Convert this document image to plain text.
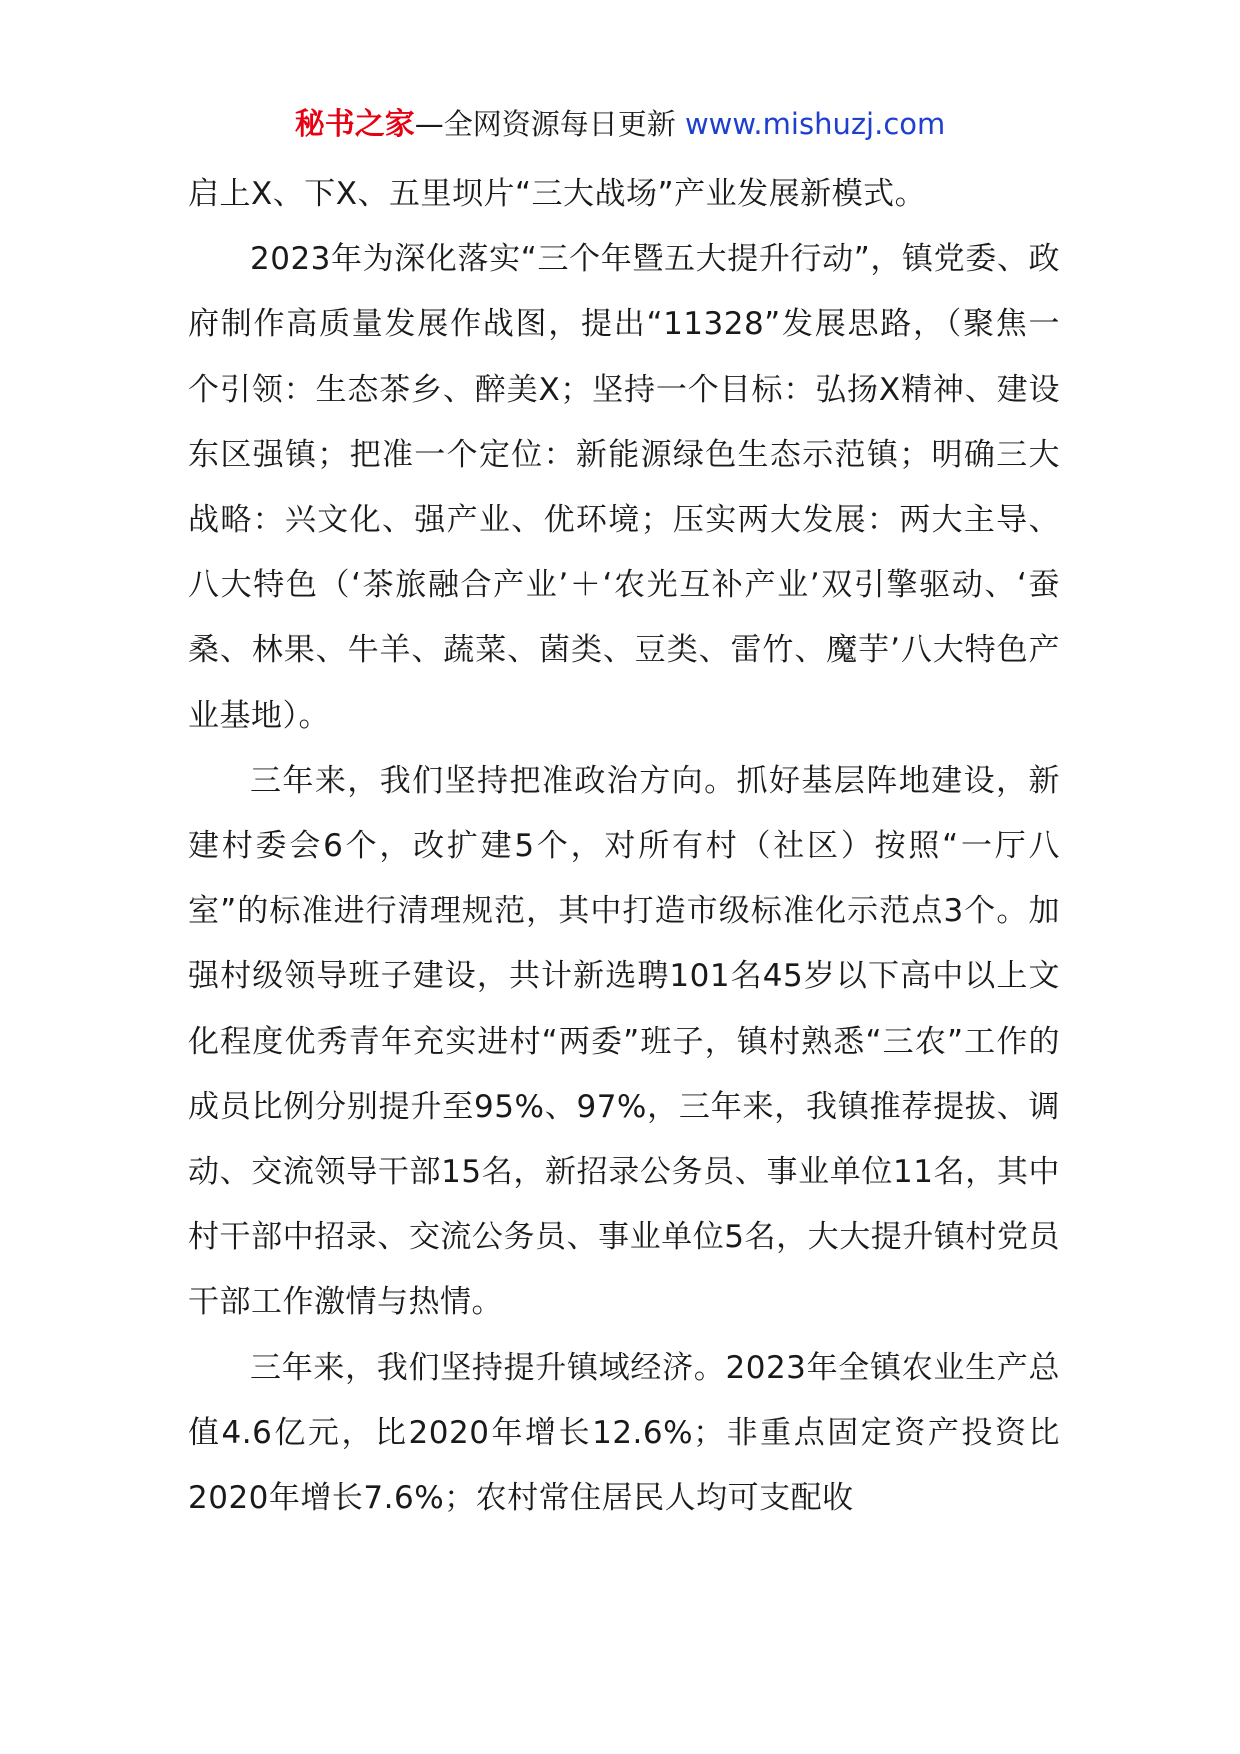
秘书之家—全网资源每日更新 www.mishuzj.com

启上X、下X、五里坝片“三大战场”产业发展新模式。

2023年为深化落实“三个年暨五大提升行动”，镇党委、政府制作高质量发展作战图，提出“11328”发展思路，（聚焦一个引领：生态茶乡、醉美X；坚持一个目标：弘扬X精神、建设东区强镇；把准一个定位：新能源绿色生态示范镇；明确三大战略：兴文化、强产业、优环境；压实两大发展：两大主导、八大特色（‘茶旅融合产业’＋‘农光互补产业’双引擎驱动、‘蚕桑、林果、牛羊、蔬菜、菌类、豆类、雷竹、魔芋’八大特色产业基地）。

三年来，我们坚持把准政治方向。抓好基层阵地建设，新建村委会6个，改扩建5个，对所有村（社区）按照“一厅八室”的标准进行清理规范，其中打造市级标准化示范点3个。加强村级领导班子建设，共计新选聘101名45岁以下高中以上文化程度优秀青年充实进村“两委”班子，镇村熟悉“三农”工作的成员比例分别提升至95%、97%，三年来，我镇推荐提拔、调动、交流领导干部15名，新招录公务员、事业单位11名，其中村干部中招录、交流公务员、事业单位5名，大大提升镇村党员干部工作激情与热情。

三年来，我们坚持提升镇域经济。2023年全镇农业生产总值4.6亿元，比2020年增长12.6%；非重点固定资产投资比2020年增长7.6%；农村常住居民人均可支配收
